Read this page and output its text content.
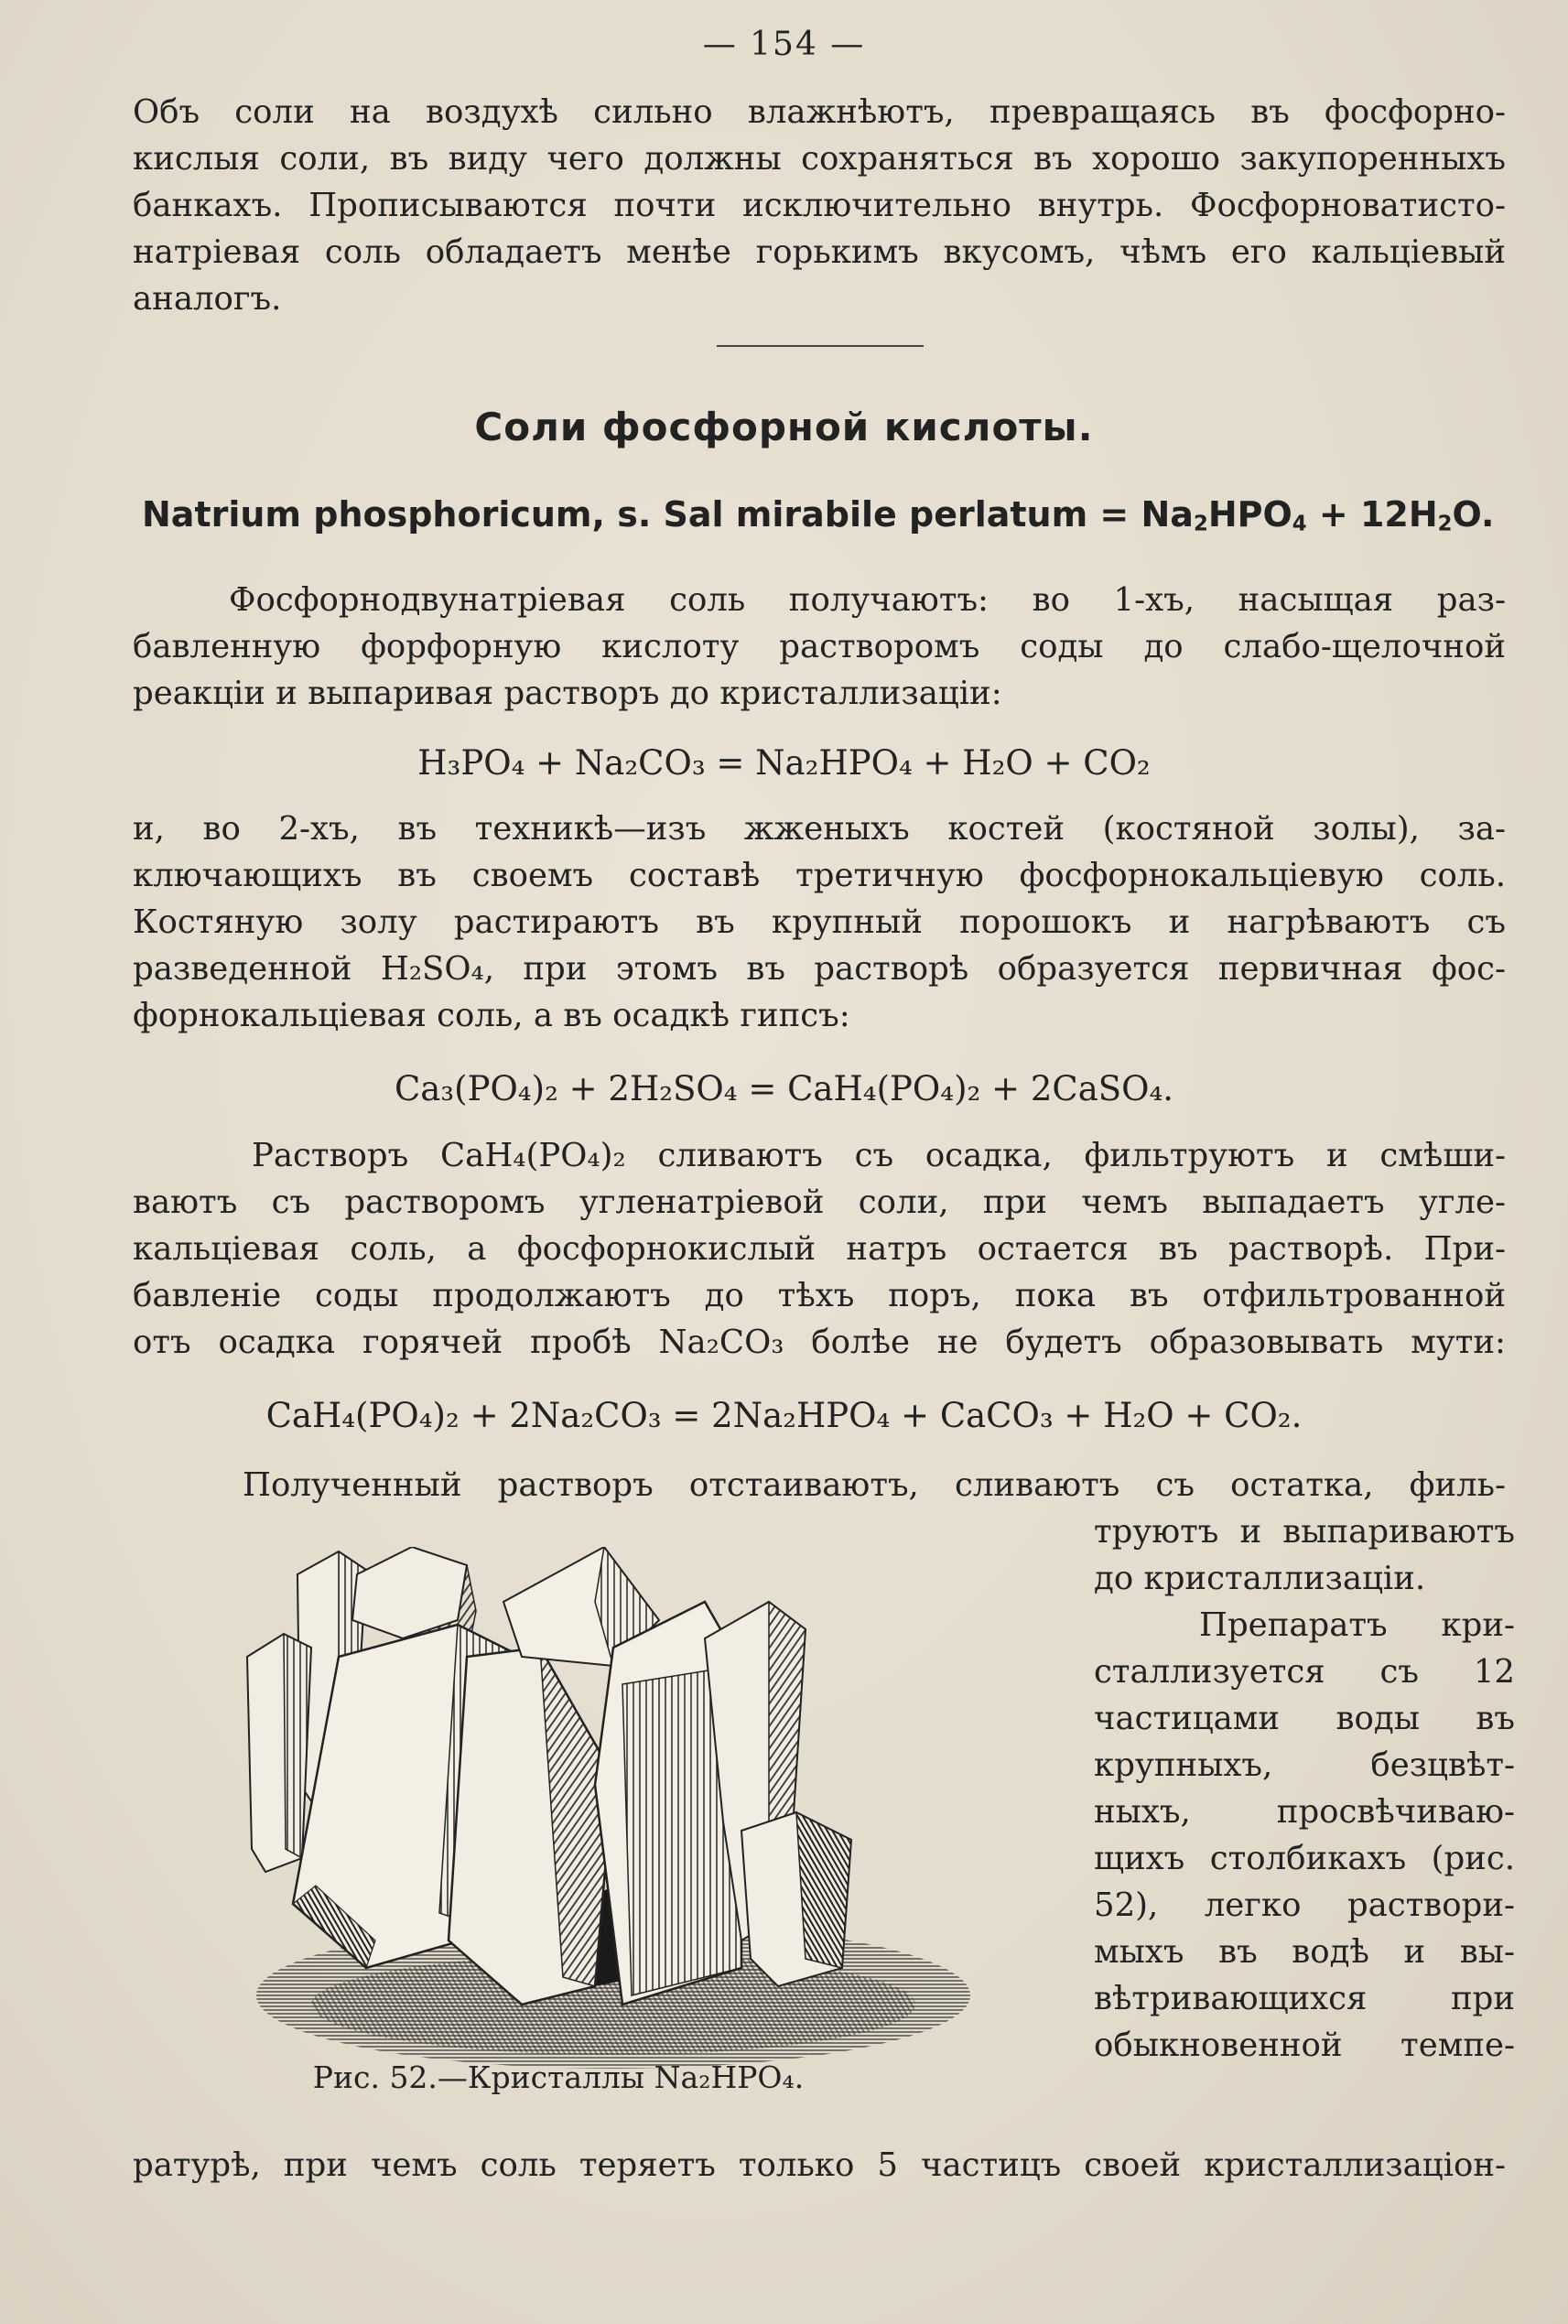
— 154 —
Объ соли на воздухѣ сильно влажнѣютъ, превращаясь въ фосфорно-
кислыя соли, въ виду чего должны сохраняться въ хорошо закупоренныхъ
банкахъ. Прописываются почти исключительно внутрь. Фосфорноватисто-
натріевая соль обладаетъ менѣе горькимъ вкусомъ, чѣмъ его кальціевый
аналогъ.
Соли фосфорной кислоты.
Natrium phosphoricum, s. Sal mirabile perlatum = $Na_2HPO_4 + 12H_2O$.
Фосфорнодвунатріевая соль получаютъ: во 1-хъ, насыщая раз-
бавленную форфорную кислоту растворомъ соды до слабо-щелочной
реакціи и выпаривая растворъ до кристаллизаціи:
H₃PO₄ + Na₂CO₃ = Na₂HPO₄ + H₂O + CO₂
и, во 2-хъ, въ техникѣ—изъ жженыхъ костей (костяной золы), за-
ключающихъ въ своемъ составѣ третичную фосфорнокальціевую соль.
Костяную золу растираютъ въ крупный порошокъ и нагрѣваютъ съ
разведенной H₂SO₄, при этомъ въ растворѣ образуется первичная фос-
форнокальціевая соль, а въ осадкѣ гипсъ:
Ca₃(PO₄)₂ + 2H₂SO₄ = CaH₄(PO₄)₂ + 2CaSO₄.
Растворъ CaH₄(PO₄)₂ сливаютъ съ осадка, фильтруютъ и смѣши-
ваютъ съ растворомъ угленатріевой соли, при чемъ выпадаетъ угле-
кальціевая соль, а фосфорнокислый натръ остается въ растворѣ. При-
бавленіе соды продолжаютъ до тѣхъ поръ, пока въ отфильтрованной
отъ осадка горячей пробѣ Na₂CO₃ болѣе не будетъ образовывать мути:
CaH₄(PO₄)₂ + 2Na₂CO₃ = 2Na₂HPO₄ + CaCO₃ + H₂O + CO₂.
Полученный растворъ отстаиваютъ, сливаютъ съ остатка, филь-
труютъ и выпариваютъ
до кристаллизаціи.
Препаратъ кри-
сталлизуется съ 12
частицами воды въ
крупныхъ, безцвѣт-
ныхъ, просвѣчиваю-
щихъ столбикахъ (рис.
52), легко раствори-
мыхъ въ водѣ и вы-
вѣтривающихся при
обыкновенной темпе-
Рис. 52.—Кристаллы Na₂HPO₄.
ратурѣ, при чемъ соль теряетъ только 5 частицъ своей кристаллизаціон-
